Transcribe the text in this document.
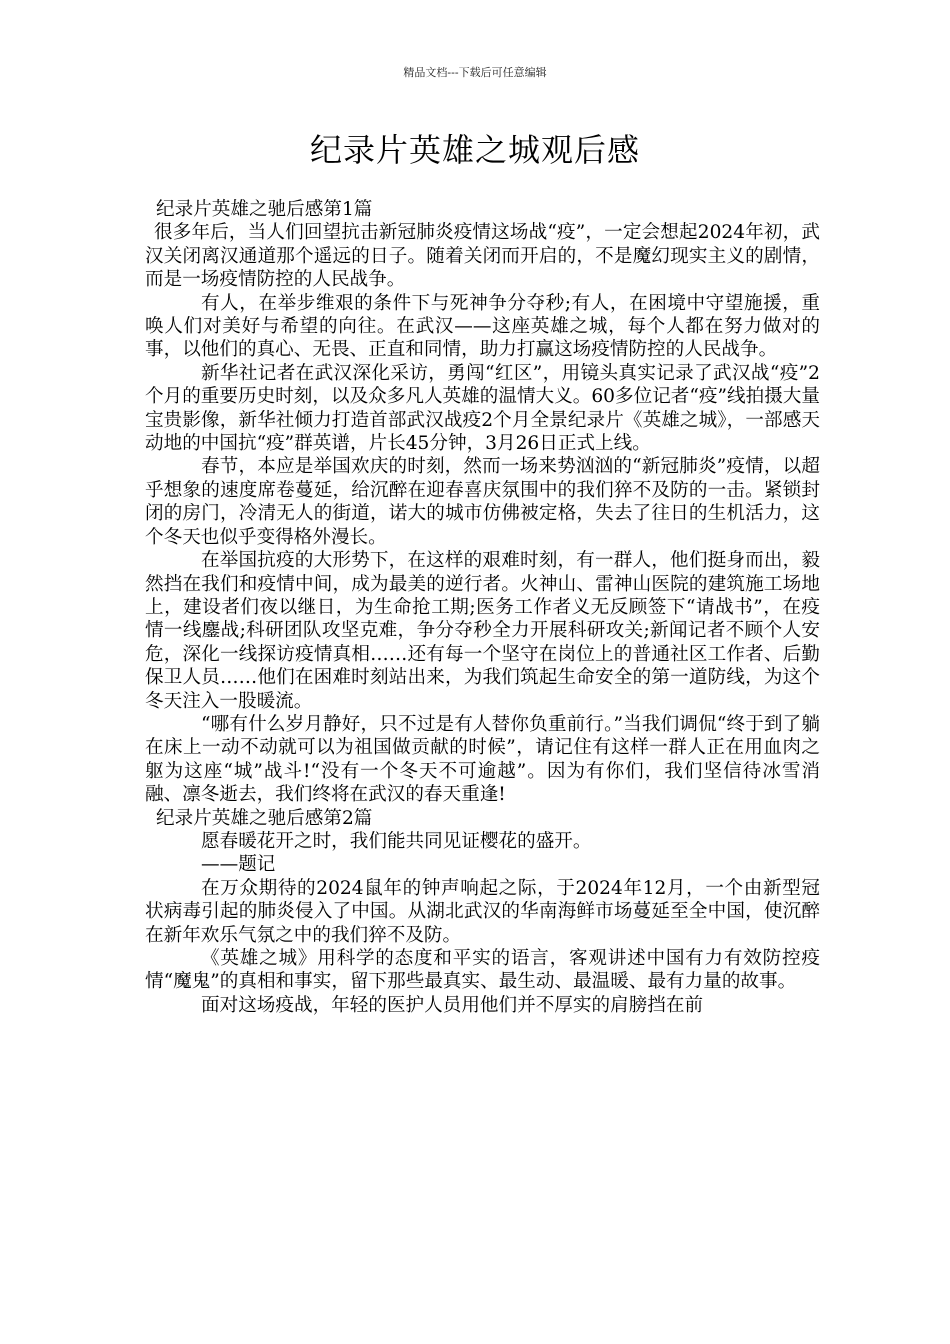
精品文档---下载后可任意编辑
纪录片英雄之城观后感

纪录片英雄之驰后感第1篇

很多年后，当人们回望抗击新冠肺炎疫情这场战“疫”，一定会想起2024年初，武汉关闭离汉通道那个遥远的日子。随着关闭而开启的，不是魔幻现实主义的剧情，而是一场疫情防控的人民战争。

有人，在举步维艰的条件下与死神争分夺秒;有人，在困境中守望施援，重唤人们对美好与希望的向往。在武汉——这座英雄之城，每个人都在努力做对的事，以他们的真心、无畏、正直和同情，助力打赢这场疫情防控的人民战争。

新华社记者在武汉深化采访，勇闯“红区”，用镜头真实记录了武汉战“疫”2个月的重要历史时刻，以及众多凡人英雄的温情大义。60多位记者“疫”线拍摄大量宝贵影像，新华社倾力打造首部武汉战疫2个月全景纪录片《英雄之城》，一部感天动地的中国抗“疫”群英谱，片长45分钟，3月26日正式上线。

春节，本应是举国欢庆的时刻，然而一场来势汹汹的“新冠肺炎”疫情，以超乎想象的速度席卷蔓延，给沉醉在迎春喜庆氛围中的我们猝不及防的一击。紧锁封闭的房门，冷清无人的街道，诺大的城市仿佛被定格，失去了往日的生机活力，这个冬天也似乎变得格外漫长。

在举国抗疫的大形势下，在这样的艰难时刻，有一群人，他们挺身而出，毅然挡在我们和疫情中间，成为最美的逆行者。火神山、雷神山医院的建筑施工场地上，建设者们夜以继日，为生命抢工期;医务工作者义无反顾签下“请战书”，在疫情一线鏖战;科研团队攻坚克难，争分夺秒全力开展科研攻关;新闻记者不顾个人安危，深化一线探访疫情真相……还有每一个坚守在岗位上的普通社区工作者、后勤保卫人员……他们在困难时刻站出来，为我们筑起生命安全的第一道防线，为这个冬天注入一股暖流。

“哪有什么岁月静好，只不过是有人替你负重前行。”当我们调侃“终于到了躺在床上一动不动就可以为祖国做贡献的时候”，请记住有这样一群人正在用血肉之躯为这座“城”战斗!“没有一个冬天不可逾越”。因为有你们，我们坚信待冰雪消融、凛冬逝去，我们终将在武汉的春天重逢!

纪录片英雄之驰后感第2篇

愿春暖花开之时，我们能共同见证樱花的盛开。

——题记

在万众期待的2024鼠年的钟声响起之际，于2024年12月，一个由新型冠状病毒引起的肺炎侵入了中国。从湖北武汉的华南海鲜市场蔓延至全中国，使沉醉在新年欢乐气氛之中的我们猝不及防。

《英雄之城》用科学的态度和平实的语言，客观讲述中国有力有效防控疫情“魔鬼”的真相和事实，留下那些最真实、最生动、最温暖、最有力量的故事。

面对这场疫战，年轻的医护人员用他们并不厚实的肩膀挡在前
